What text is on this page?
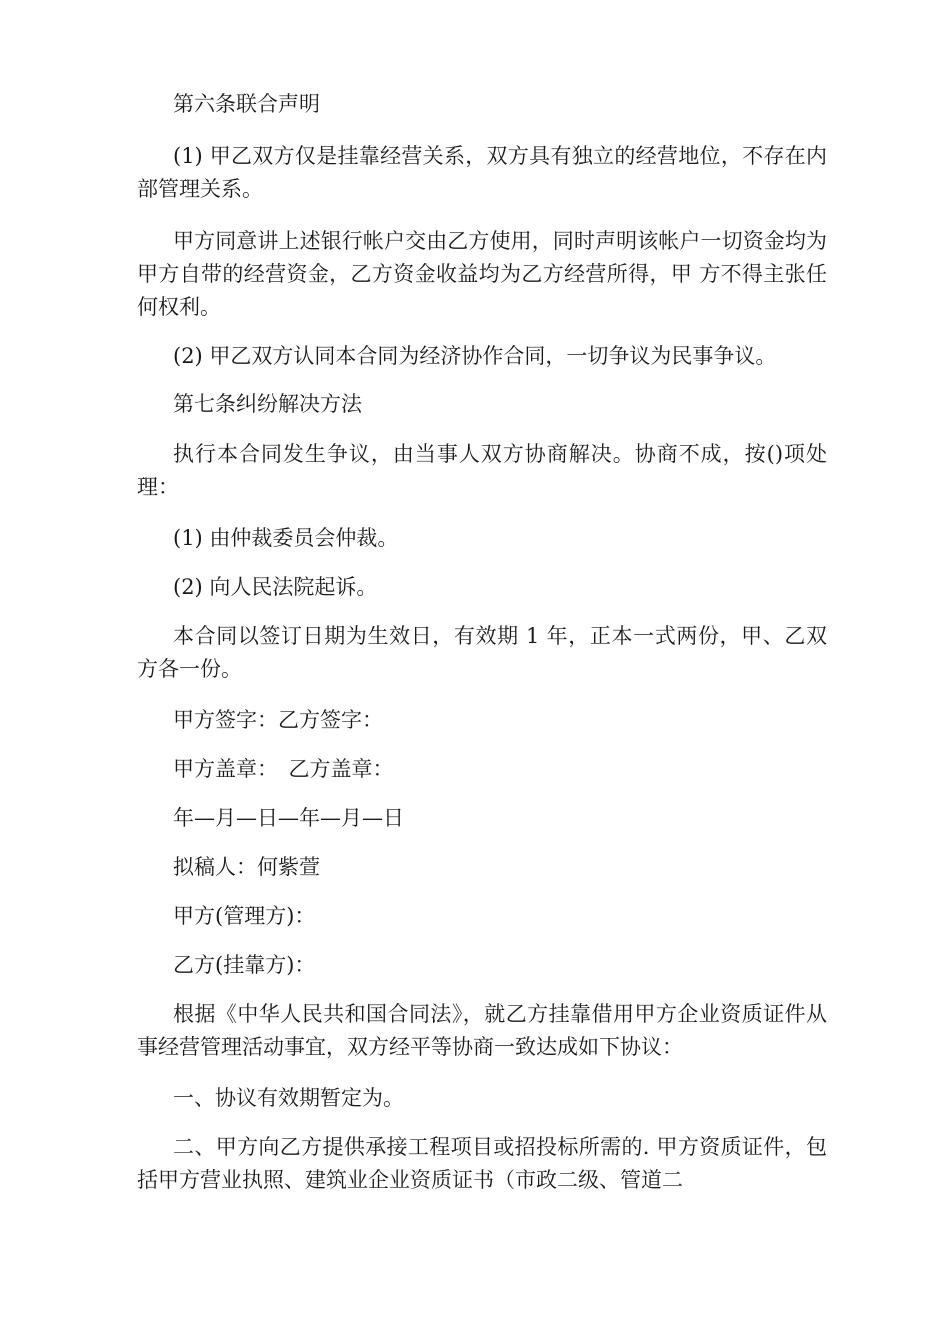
第六条联合声明

(1) 甲乙双方仅是挂靠经营关系，双方具有独立的经营地位，不存在内部管理关系。

甲方同意讲上述银行帐户交由乙方使用，同时声明该帐户一切资金均为甲方自带的经营资金，乙方资金收益均为乙方经营所得，甲 方不得主张任何权利。

(2) 甲乙双方认同本合同为经济协作合同，一切争议为民事争议。

第七条纠纷解决方法

执行本合同发生争议，由当事人双方协商解决。协商不成，按()项处理：

(1) 由仲裁委员会仲裁。

(2) 向人民法院起诉。

本合同以签订日期为生效日，有效期 1 年，正本一式两份，甲、乙双方各一份。

甲方签字：乙方签字：

甲方盖章：　乙方盖章：

年—月—日—年—月—日

拟稿人：何紫萱

甲方(管理方)：

乙方(挂靠方)：

根据《中华人民共和国合同法》，就乙方挂靠借用甲方企业资质证件从事经营管理活动事宜，双方经平等协商一致达成如下协议：

一、协议有效期暂定为。

二、甲方向乙方提供承接工程项目或招投标所需的. 甲方资质证件，包括甲方营业执照、建筑业企业资质证书（市政二级、管道二
